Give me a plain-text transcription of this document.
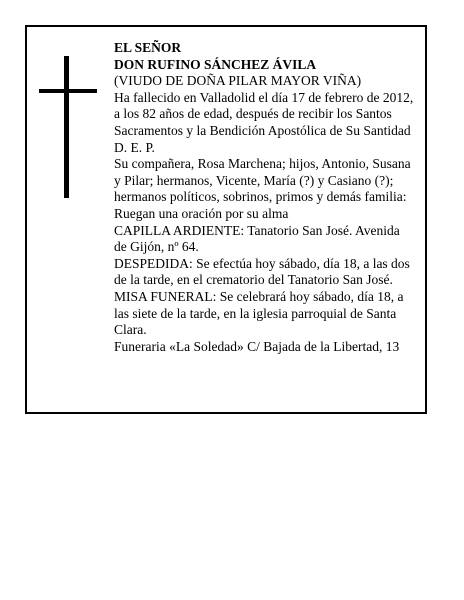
EL SEÑOR
DON RUFINO SÁNCHEZ ÁVILA
(VIUDO DE DOÑA PILAR MAYOR VIÑA)
Ha fallecido en Valladolid el día 17 de febrero de 2012,
a los 82 años de edad, después de recibir los Santos
Sacramentos y la Bendición Apostólica de Su Santidad
D. E. P.
Su compañera, Rosa Marchena; hijos, Antonio, Susana
y Pilar; hermanos, Vicente, María (?) y Casiano (?);
hermanos políticos, sobrinos, primos y demás familia:
Ruegan una oración por su alma
CAPILLA ARDIENTE: Tanatorio San José. Avenida
de Gijón, nº 64.
DESPEDIDA: Se efectúa hoy sábado, día 18, a las dos
de la tarde, en el crematorio del Tanatorio San José.
MISA FUNERAL: Se celebrará hoy sábado, día 18, a
las siete de la tarde, en la iglesia parroquial de Santa
Clara.
Funeraria «La Soledad» C/ Bajada de la Libertad, 13
